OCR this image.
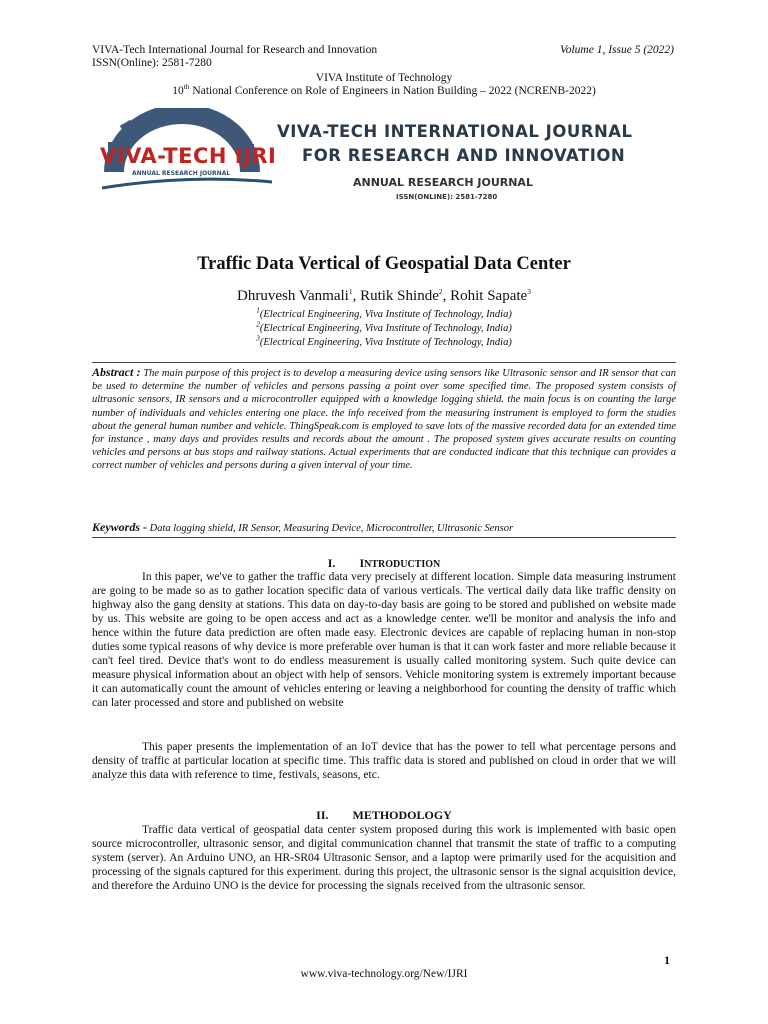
VIVA-Tech International Journal for Research and Innovation	Volume 1, Issue 5 (2022)
ISSN(Online): 2581-7280
VIVA Institute of Technology
10th National Conference on Role of Engineers in Nation Building – 2022 (NCRENB-2022)
VIVA-TECH IJRI
ANNUAL RESEARCH JOURNAL
VIVA-TECH INTERNATIONAL JOURNAL
FOR RESEARCH AND INNOVATION
ANNUAL RESEARCH JOURNAL
ISSN(ONLINE): 2581-7280
Traffic Data Vertical of Geospatial Data Center
Dhruvesh Vanmali$^1$, Rutik Shinde$^2$, Rohit Sapate$^3$
$^1$(Electrical Engineering, Viva Institute of Technology, India)
$^2$(Electrical Engineering, Viva Institute of Technology, India)
$^3$(Electrical Engineering, Viva Institute of Technology, India)
Abstract : The main purpose of this project is to develop a measuring device using sensors like Ultrasonic sensor and IR sensor that can be used to determine the number of vehicles and persons passing a point over some specified time. The proposed system consists of ultrasonic sensors, IR sensors and a microcontroller equipped with a knowledge logging shield. the main focus is on counting the large number of individuals and vehicles entering one place. the info received from the measuring instrument is employed to form the studies about the general human number and vehicle. ThingSpeak.com is employed to save lots of the massive recorded data for an extended time for instance , many days and provides results and records about the amount . The proposed system gives accurate results on counting vehicles and persons at bus stops and railway stations. Actual experiments that are conducted indicate that this technique can provides a correct number of vehicles and persons during a given interval of your time.
Keywords - Data logging shield, IR Sensor, Measuring Device, Microcontroller, Ultrasonic Sensor
I. INTRODUCTION
In this paper, we've to gather the traffic data very precisely at different location. Simple data measuring instrument are going to be made so as to gather location specific data of various verticals. The vertical daily data like traffic density on highway also the gang density at stations. This data on day-to-day basis are going to be stored and published on website made by us. This website are going to be open access and act as a knowledge center. we'll be monitor and analysis the info and hence within the future data prediction are often made easy. Electronic devices are capable of replacing human in non-stop duties some typical reasons of why device is more preferable over human is that it can work faster and more reliable because it can't feel tired. Device that's wont to do endless measurement is usually called monitoring system. Such quite device can measure physical information about an object with help of sensors. Vehicle monitoring system is extremely important because it can automatically count the amount of vehicles entering or leaving a neighborhood for counting the density of traffic which can later processed and store and published on website
This paper presents the implementation of an IoT device that has the power to tell what percentage persons and density of traffic at particular location at specific time. This traffic data is stored and published on cloud in order that we will analyze this data with reference to time, festivals, seasons, etc.
II. METHODOLOGY
Traffic data vertical of geospatial data center system proposed during this work is implemented with basic open source microcontroller, ultrasonic sensor, and digital communication channel that transmit the state of traffic to a computing system (server). An Arduino UNO, an HR-SR04 Ultrasonic Sensor, and a laptop were primarily used for the acquisition and processing of the signals captured for this experiment. during this project, the ultrasonic sensor is the signal acquisition device, and therefore the Arduino UNO is the device for processing the signals received from the ultrasonic sensor.
1
www.viva-technology.org/New/IJRI
